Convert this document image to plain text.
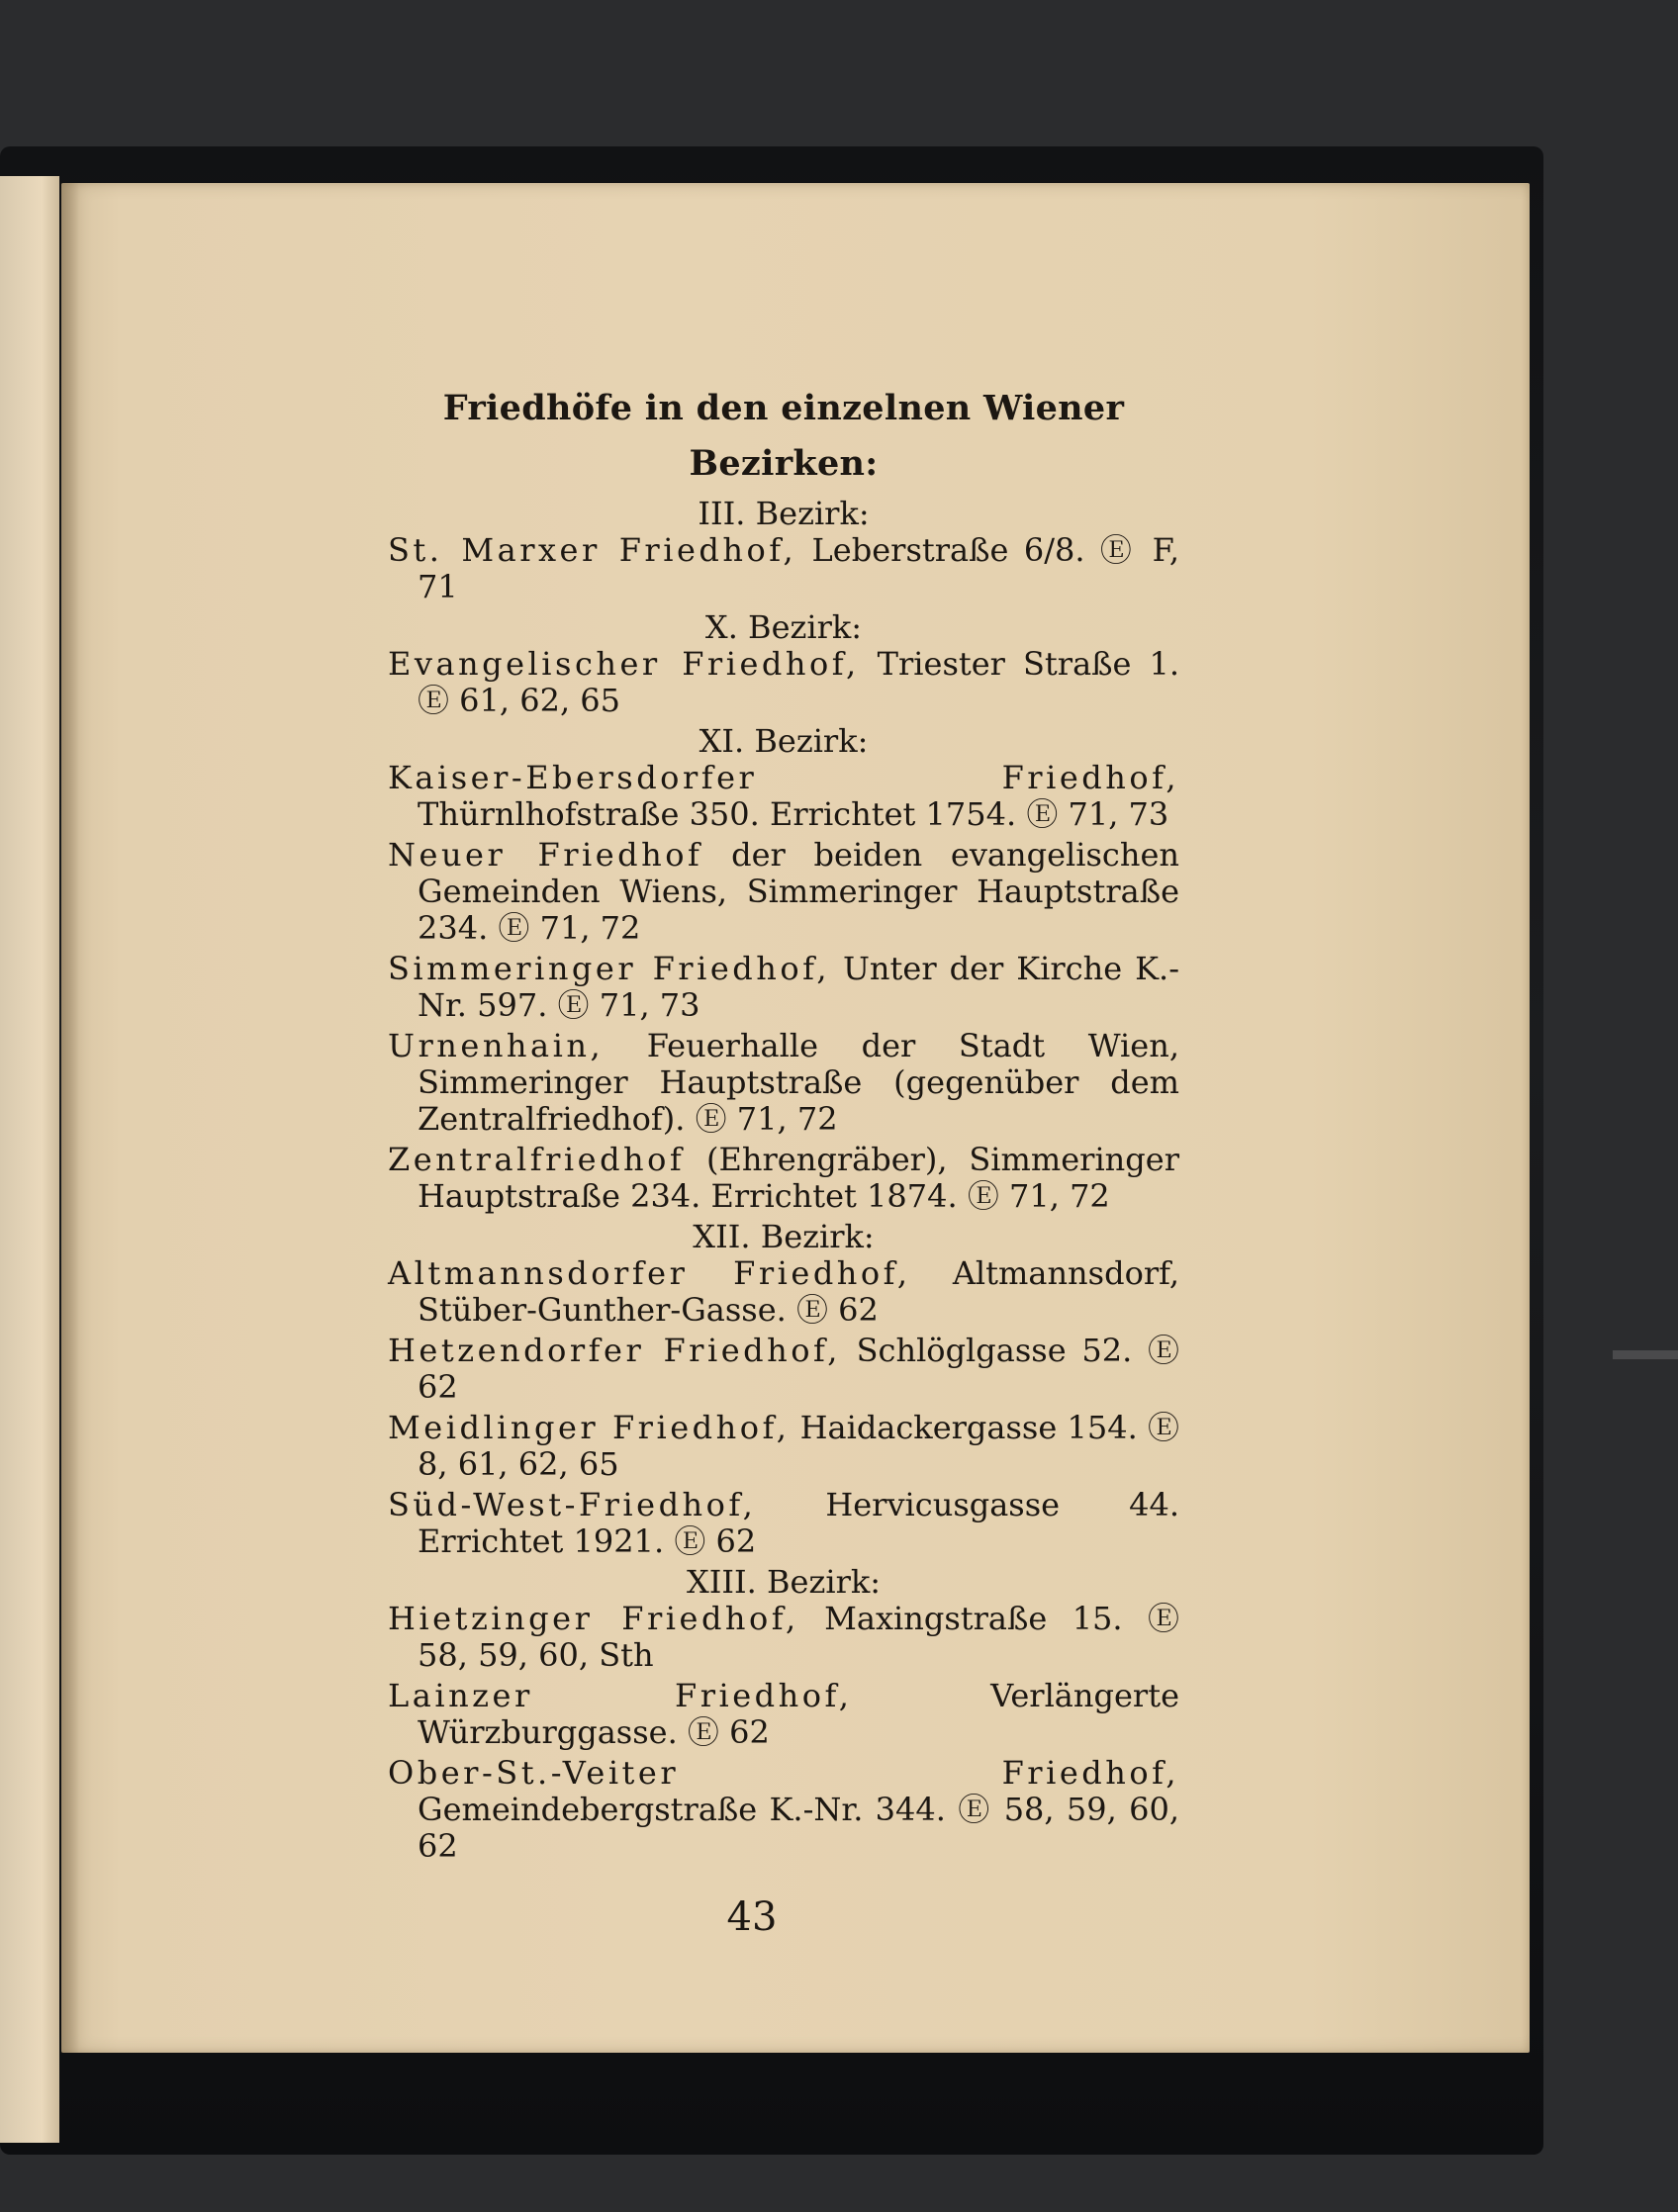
Friedhöfe in den einzelnen Wiener Bezirken:

III. Bezirk:

St. Marxer Friedhof, Leberstraße 6/8. Ⓔ F, 71

X. Bezirk:

Evangelischer Friedhof, Triester Straße 1. Ⓔ 61, 62, 65

XI. Bezirk:

Kaiser-Ebersdorfer Friedhof, Thürnlhofstraße 350. Errichtet 1754. Ⓔ 71, 73

Neuer Friedhof der beiden evangelischen Gemeinden Wiens, Simmeringer Hauptstraße 234. Ⓔ 71, 72

Simmeringer Friedhof, Unter der Kirche K.-Nr. 597. Ⓔ 71, 73

Urnenhain, Feuerhalle der Stadt Wien, Simmeringer Hauptstraße (gegenüber dem Zentralfriedhof). Ⓔ 71, 72

Zentralfriedhof (Ehrengräber), Simmeringer Hauptstraße 234. Errichtet 1874. Ⓔ 71, 72

XII. Bezirk:

Altmannsdorfer Friedhof, Altmannsdorf, Stüber-Gunther-Gasse. Ⓔ 62

Hetzendorfer Friedhof, Schlöglgasse 52. Ⓔ 62

Meidlinger Friedhof, Haidackergasse 154. Ⓔ 8, 61, 62, 65

Süd-West-Friedhof, Hervicusgasse 44. Errichtet 1921. Ⓔ 62

XIII. Bezirk:

Hietzinger Friedhof, Maxingstraße 15. Ⓔ 58, 59, 60, Sth

Lainzer Friedhof, Verlängerte Würzburggasse. Ⓔ 62

Ober-St.-Veiter Friedhof, Gemeindebergstraße K.-Nr. 344. Ⓔ 58, 59, 60, 62

43
